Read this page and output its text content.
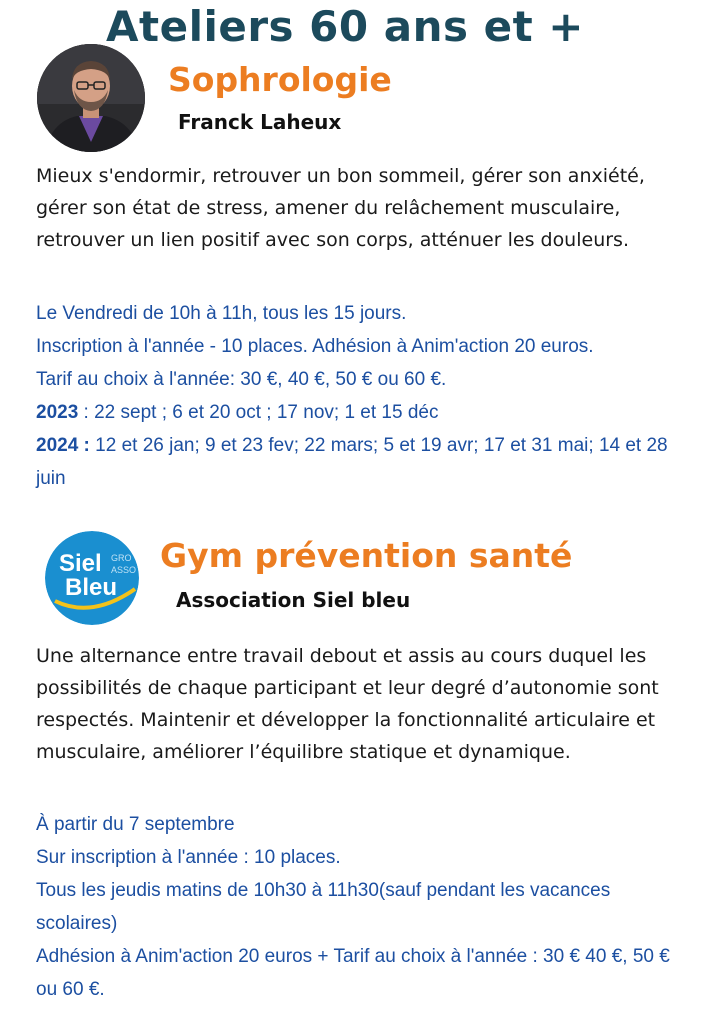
Ateliers 60 ans et +
Sophrologie
Franck Laheux

Mieux s'endormir, retrouver un bon sommeil, gérer son anxiété, gérer son état de stress, amener du relâchement musculaire, retrouver un lien positif avec son corps, atténuer les douleurs.

Le Vendredi de 10h à 11h, tous les 15 jours.
Inscription à l'année - 10 places. Adhésion à Anim'action 20 euros.
Tarif au choix à l'année: 30 €, 40 €, 50 € ou 60 €.
2023 : 22 sept ; 6 et 20 oct ; 17 nov; 1 et 15 déc
2024 : 12 et 26 jan; 9 et 23 fev; 22 mars; 5 et 19 avr; 17 et 31 mai; 14 et 28 juin
Siel
Bleu
GRO
ASSO Gym prévention santé
Association Siel bleu

Une alternance entre travail debout et assis au cours duquel les possibilités de chaque participant et leur degré d’autonomie sont respectés. Maintenir et développer la fonctionnalité articulaire et musculaire, améliorer l’équilibre statique et dynamique.

À partir du 7 septembre
Sur inscription à l'année : 10 places.
Tous les jeudis matins de 10h30 à 11h30(sauf pendant les vacances scolaires)
Adhésion à Anim'action 20 euros + Tarif au choix à l'année : 30 € 40 €, 50 € ou 60 €.
